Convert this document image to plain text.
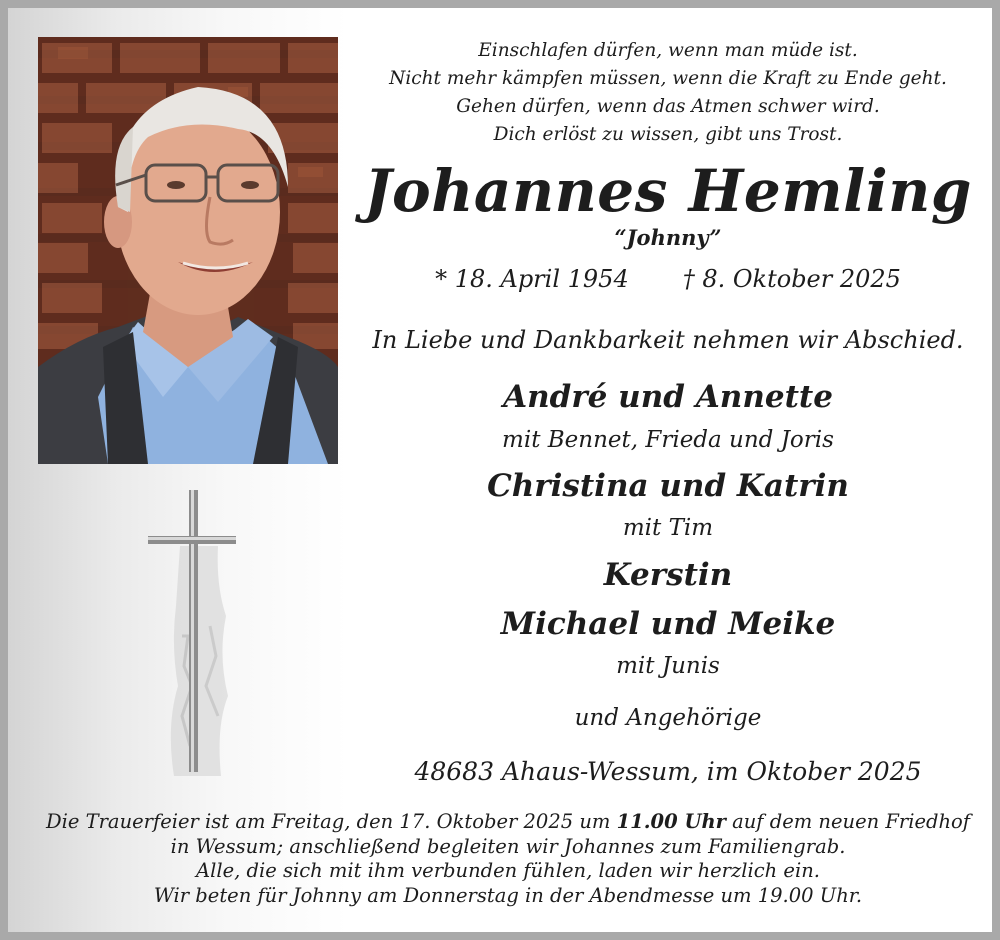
Einschlafen dürfen, wenn man müde ist.
Nicht mehr kämpfen müssen, wenn die Kraft zu Ende geht.
Gehen dürfen, wenn das Atmen schwer wird.
Dich erlöst zu wissen, gibt uns Trost.
Johannes Hemling
“Johnny”
* 18. April 1954 † 8. Oktober 2025
In Liebe und Dankbarkeit nehmen wir Abschied.
André und Annette
mit Bennet, Frieda und Joris
Christina und Katrin
mit Tim
Kerstin
Michael und Meike
mit Junis
und Angehörige
48683 Ahaus-Wessum, im Oktober 2025
Die Trauerfeier ist am Freitag, den 17. Oktober 2025 um 11.00 Uhr auf dem neuen Friedhof
in Wessum; anschließend begleiten wir Johannes zum Familiengrab.
Alle, die sich mit ihm verbunden fühlen, laden wir herzlich ein.
Wir beten für Johnny am Donnerstag in der Abendmesse um 19.00 Uhr.
